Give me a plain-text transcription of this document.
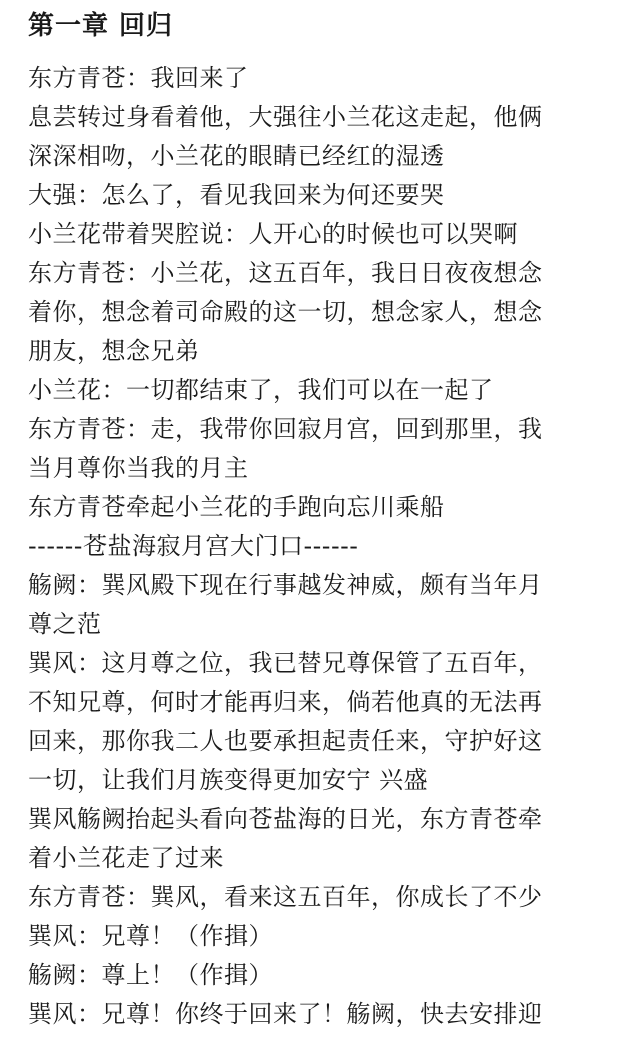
第一章 回归

东方青苍：我回来了

息芸转过身看着他，大强往小兰花这走起，他俩
深深相吻，小兰花的眼睛已经红的湿透

大强：怎么了，看见我回来为何还要哭

小兰花带着哭腔说：人开心的时候也可以哭啊

东方青苍：小兰花，这五百年，我日日夜夜想念
着你，想念着司命殿的这一切，想念家人，想念
朋友，想念兄弟

小兰花：一切都结束了，我们可以在一起了

东方青苍：走，我带你回寂月宫，回到那里，我
当月尊你当我的月主

东方青苍牵起小兰花的手跑向忘川乘船

------苍盐海寂月宫大门口------

觞阙：巽风殿下现在行事越发神威，颇有当年月
尊之范

巽风：这月尊之位，我已替兄尊保管了五百年，
不知兄尊，何时才能再归来，倘若他真的无法再
回来，那你我二人也要承担起责任来，守护好这
一切，让我们月族变得更加安宁 兴盛

巽风觞阙抬起头看向苍盐海的日光，东方青苍牵
着小兰花走了过来

东方青苍：巽风，看来这五百年，你成长了不少

巽风：兄尊！（作揖）

觞阙：尊上！（作揖）

巽风：兄尊！你终于回来了！觞阙，快去安排迎
